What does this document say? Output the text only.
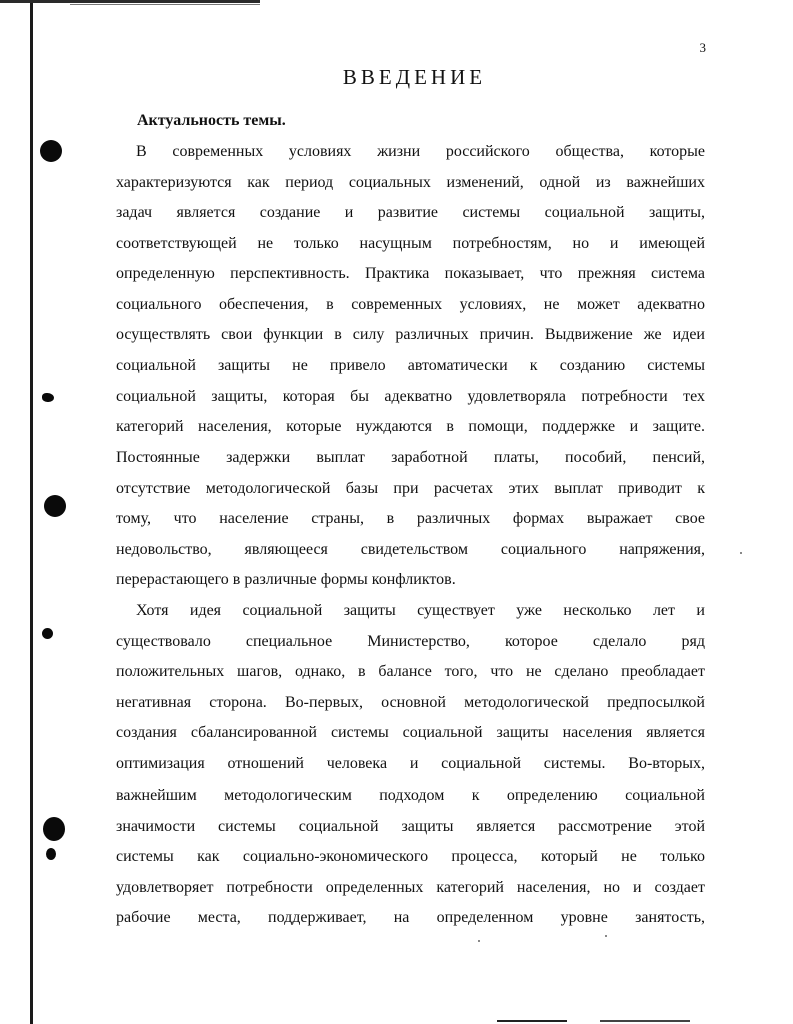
3
ВВЕДЕНИЕ
Актуальность темы.
В современных условиях жизни российского общества, которые
характеризуются как период социальных изменений, одной из важнейших
задач является создание и развитие системы социальной защиты,
соответствующей не только насущным потребностям, но и имеющей
определенную перспективность. Практика показывает, что прежняя система
социального обеспечения, в современных условиях, не может адекватно
осуществлять свои функции в силу различных причин. Выдвижение же идеи
социальной защиты не привело автоматически к созданию системы
социальной защиты, которая бы адекватно удовлетворяла потребности тех
категорий населения, которые нуждаются в помощи, поддержке и защите.
Постоянные задержки выплат заработной платы, пособий, пенсий,
отсутствие методологической базы при расчетах этих выплат приводит к
тому, что население страны, в различных формах выражает свое
недовольство, являющееся свидетельством социального напряжения,
перерастающего в различные формы конфликтов.
Хотя идея социальной защиты существует уже несколько лет и
существовало специальное Министерство, которое сделало ряд
положительных шагов, однако, в балансе того, что не сделано преобладает
негативная сторона. Во-первых, основной методологической предпосылкой
создания сбалансированной системы социальной защиты населения является
оптимизация отношений человека и социальной системы. Во-вторых,
важнейшим методологическим подходом к определению социальной
значимости системы социальной защиты является рассмотрение этой
системы как социально-экономического процесса, который не только
удовлетворяет потребности определенных категорий населения, но и создает
рабочие места, поддерживает, на определенном уровне занятость,
